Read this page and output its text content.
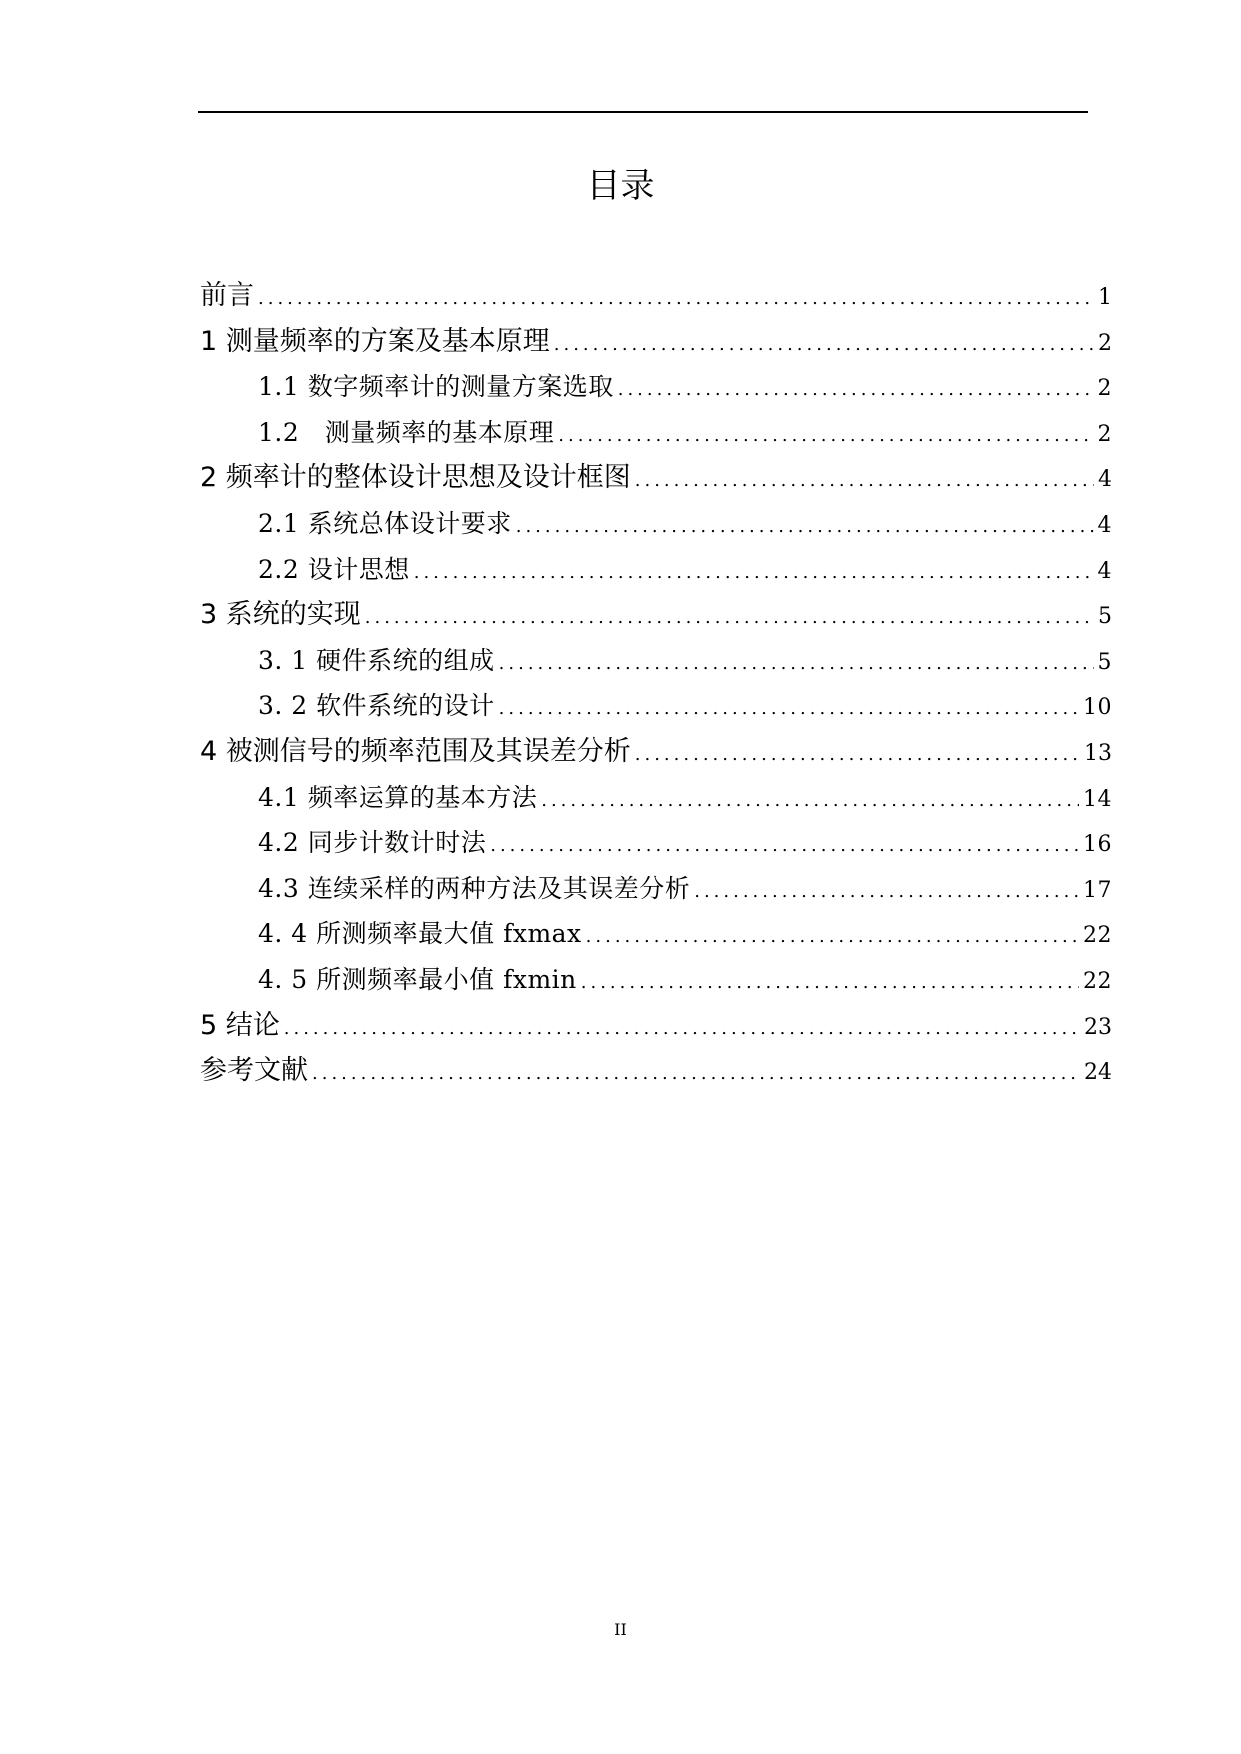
目录
前言 .....	1
1 测量频率的方案及基本原理 .....	2
1.1 数字频率计的测量方案选取 .....	2
1.2　测量频率的基本原理 .....	2
2 频率计的整体设计思想及设计框图 .....	4
2.1 系统总体设计要求 .....	4
2.2 设计思想 .....	4
3 系统的实现 .....	5
3. 1 硬件系统的组成 .....	5
3. 2 软件系统的设计 .....	10
4 被测信号的频率范围及其误差分析 .....	13
4.1 频率运算的基本方法 .....	14
4.2 同步计数计时法 .....	16
4.3 连续采样的两种方法及其误差分析 .....	17
4. 4 所测频率最大值 fxmax .....	22
4. 5 所测频率最小值 fxmin .....	22
5 结论 .....	23
参考文献 .....	24
II
